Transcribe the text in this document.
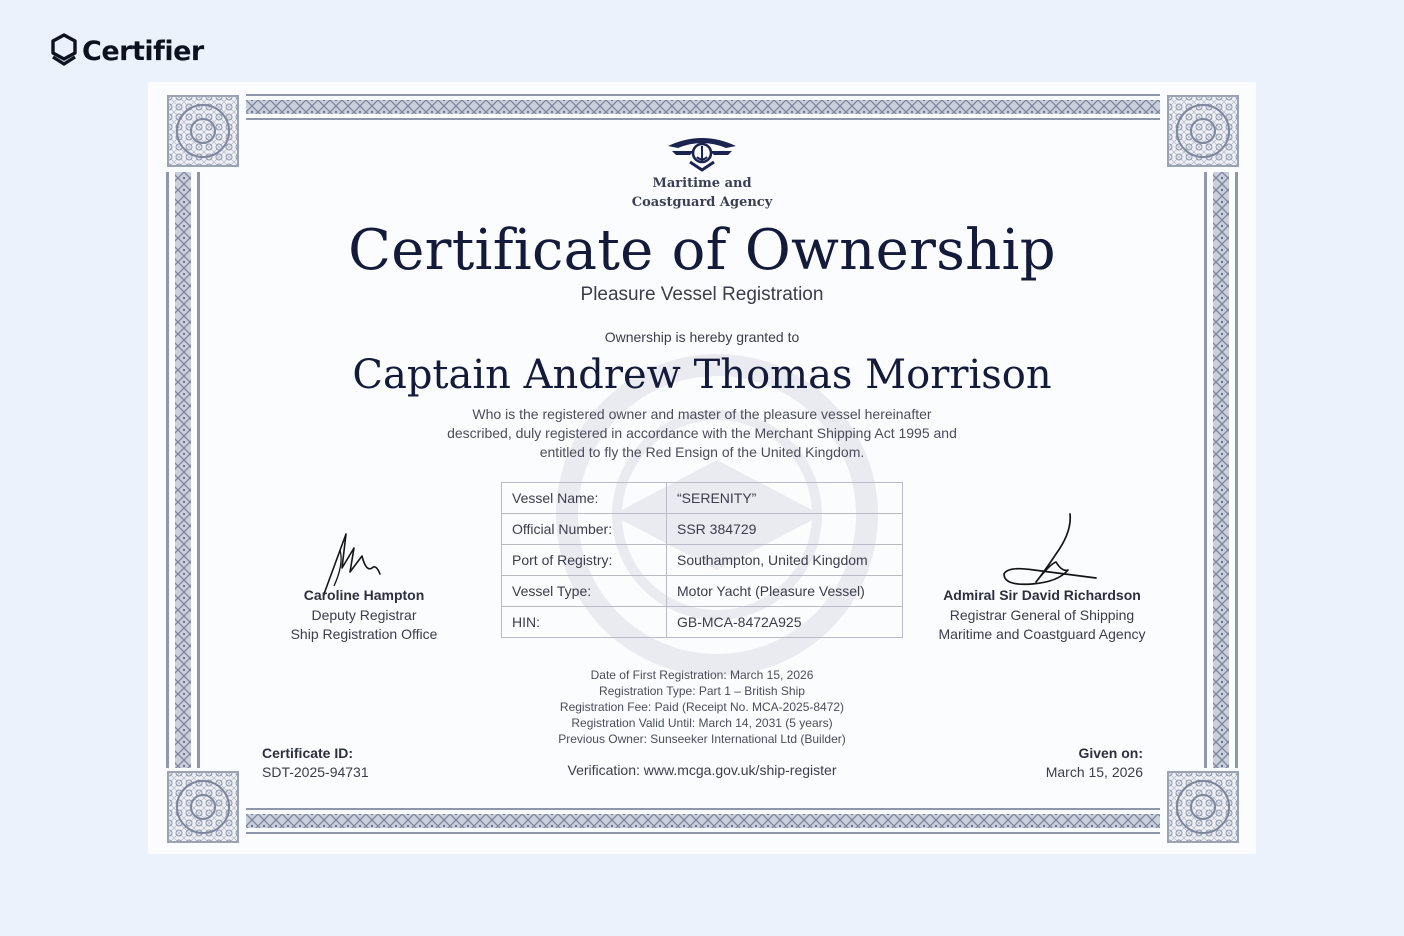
Certifier
Maritime and
Coastguard Agency
Certificate of Ownership
Pleasure Vessel Registration
Ownership is hereby granted to
Captain Andrew Thomas Morrison
Who is the registered owner and master of the pleasure vessel hereinafter described, duly registered in accordance with the Merchant Shipping Act 1995 and entitled to fly the Red Ensign of the United Kingdom.
Vessel Name:	“SERENITY”
Official Number:	SSR 384729
Port of Registry:	Southampton, United Kingdom
Vessel Type:	Motor Yacht (Pleasure Vessel)
HIN:	GB-MCA-8472A925
Caroline Hampton
Deputy Registrar
Ship Registration Office
Admiral Sir David Richardson
Registrar General of Shipping
Maritime and Coastguard Agency
Date of First Registration: March 15, 2026
Registration Type: Part 1 – British Ship
Registration Fee: Paid (Receipt No. MCA-2025-8472)
Registration Valid Until: March 14, 2031 (5 years)
Previous Owner: Sunseeker International Ltd (Builder)
Verification: www.mcga.gov.uk/ship-register
Certificate ID:
SDT-2025-94731
Given on:
March 15, 2026
